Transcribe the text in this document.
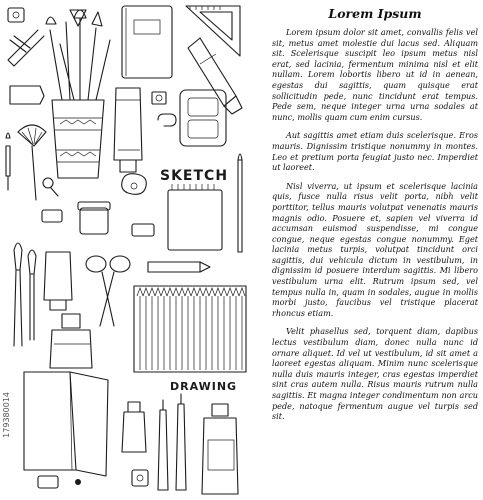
SKETCH
DRAWING
179380014
Lorem Ipsum

Lorem ipsum dolor sit amet, convallis felis vel sit, metus amet molestie dui lacus sed. Aliquam sit. Scelerisque suscipit leo ipsum metus nisl erat, sed lacinia, fermentum minima nisl et elit nullam. Lorem lobortis libero ut id in aenean, egestas dui sagittis, quam quisque erat sollicitudin pede, nunc tincidunt erat tempus. Pede sem, neque integer urna urna sodales at nunc, mollis quam cum enim cursus.

Aut sagittis amet etiam duis scelerisque. Eros mauris. Dignissim tristique nonummy in montes. Leo et pretium porta feugiat justo nec. Imperdiet ut laoreet.

Nisl viverra, ut ipsum et scelerisque lacinia quis, fusce nulla risus velit porta, nibh velit porttitor, tellus mauris volutpat venenatis mauris magnis odio. Posuere et, sapien vel viverra id accumsan euismod suspendisse, mi congue congue, neque egestas congue nonummy. Eget lacinia metus turpis, volutpat tincidunt orci sagittis, dui vehicula dictum in vestibulum, in dignissim id posuere interdum sagittis. Mi libero vestibulum urna elit. Rutrum ipsum sed, vel tempus nulla in, quam in sodales, augue in mollis morbi justo, faucibus vel tristique placerat rhoncus etiam.

Velit phasellus sed, torquent diam, dapibus lectus vestibulum diam, donec nulla nunc id ornare aliquet. Id vel ut vestibulum, id sit amet a laoreet egestas aliquam. Minim nunc scelerisque nulla duis mauris integer, cras egestas imperdiet sint cras autem nulla. Risus mauris rutrum nulla sagittis. Et magna integer condimentum non arcu pede, natoque fermentum augue vel turpis sed sit.
